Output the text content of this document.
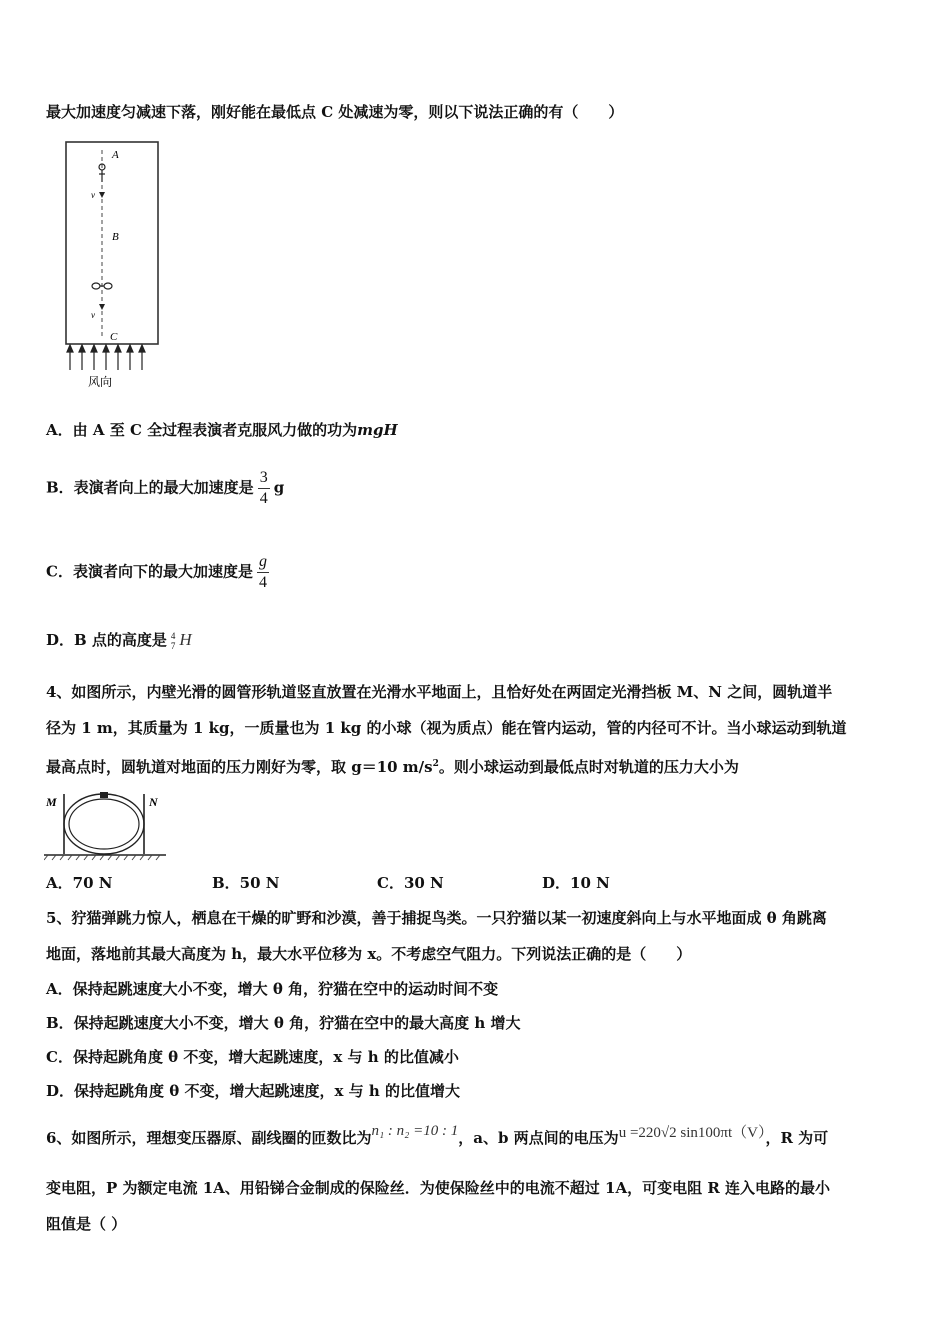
最大加速度匀减速下落，刚好能在最低点 C 处减速为零，则以下说法正确的有（　　）
A
B
C
v
v
风向
A．由 A 至 C 全过程表演者克服风力做的功为mgH
B．表演者向上的最大加速度是 $\frac{3}{4}$ g
C．表演者向下的最大加速度是 $\frac{g}{4}$
D．B 点的高度是 4
7 H
4、如图所示，内壁光滑的圆管形轨道竖直放置在光滑水平地面上，且恰好处在两固定光滑挡板 M、N 之间，圆轨道半
径为 1 m，其质量为 1 kg，一质量也为 1 kg 的小球（视为质点）能在管内运动，管的内径可不计。当小球运动到轨道
最高点时，圆轨道对地面的压力刚好为零，取 g＝10 $m/s^2$。则小球运动到最低点时对轨道的压力大小为
M	N
A．70 N	B．50 N	C．30 N	D．10 N
5、狞猫弹跳力惊人，栖息在干燥的旷野和沙漠，善于捕捉鸟类。一只狞猫以某一初速度斜向上与水平地面成 θ 角跳离
地面，落地前其最大高度为 h，最大水平位移为 x。不考虑空气阻力。下列说法正确的是（　　）
A．保持起跳速度大小不变，增大 θ 角，狞猫在空中的运动时间不变
B．保持起跳速度大小不变，增大 θ 角，狞猫在空中的最大高度 h 增大
C．保持起跳角度 θ 不变，增大起跳速度，x 与 h 的比值减小
D．保持起跳角度 θ 不变，增大起跳速度，x 与 h 的比值增大
6、如图所示，理想变压器原、副线圈的匝数比为n₁ : n₂ =10 : 1，a、b 两点间的电压为u =220√2 sin100πt（V），R 为可
变电阻，P 为额定电流 1A、用铅锑合金制成的保险丝．为使保险丝中的电流不超过 1A，可变电阻 R 连入电路的最小
阻值是（ ）
